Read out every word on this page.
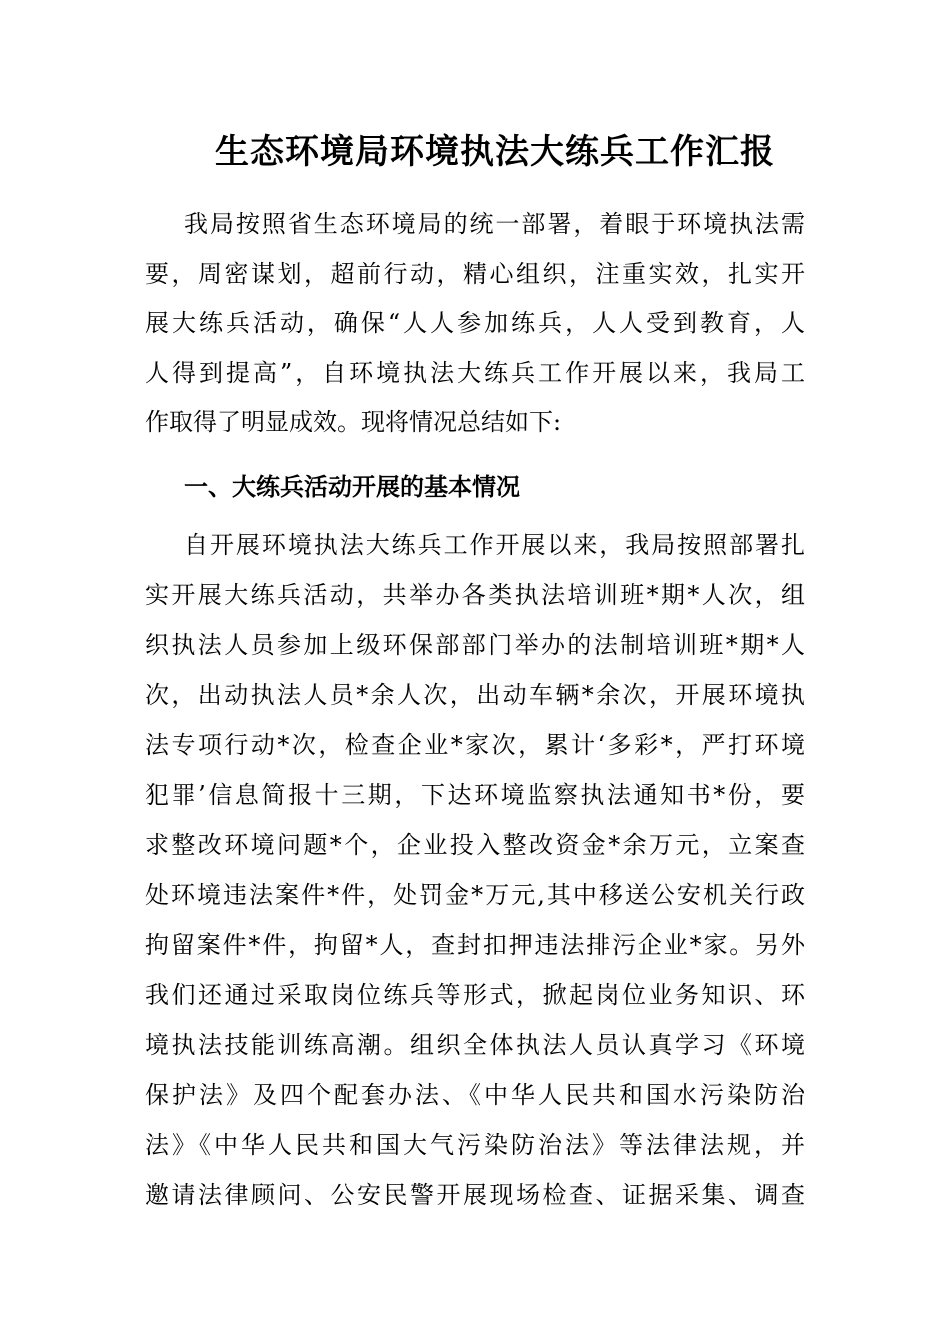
生态环境局环境执法大练兵工作汇报
我局按照省生态环境局的统一部署，着眼于环境执法需
要，周密谋划，超前行动，精心组织，注重实效，扎实开
展大练兵活动，确保“人人参加练兵，人人受到教育，人
人得到提高”，自环境执法大练兵工作开展以来，我局工
作取得了明显成效。现将情况总结如下:
一、大练兵活动开展的基本情况
自开展环境执法大练兵工作开展以来，我局按照部署扎
实开展大练兵活动，共举办各类执法培训班*期*人次，组
织执法人员参加上级环保部部门举办的法制培训班*期*人
次，出动执法人员*余人次，出动车辆*余次，开展环境执
法专项行动*次，检查企业*家次，累计‘多彩*，严打环境
犯罪’信息简报十三期，下达环境监察执法通知书*份，要
求整改环境问题*个，企业投入整改资金*余万元，立案查
处环境违法案件*件，处罚金*万元,其中移送公安机关行政
拘留案件*件，拘留*人，查封扣押违法排污企业*家。另外
我们还通过采取岗位练兵等形式，掀起岗位业务知识、环
境执法技能训练高潮。组织全体执法人员认真学习《环境
保护法》及四个配套办法、《中华人民共和国水污染防治
法》《中华人民共和国大气污染防治法》等法律法规，并
邀请法律顾问、公安民警开展现场检查、证据采集、调查
